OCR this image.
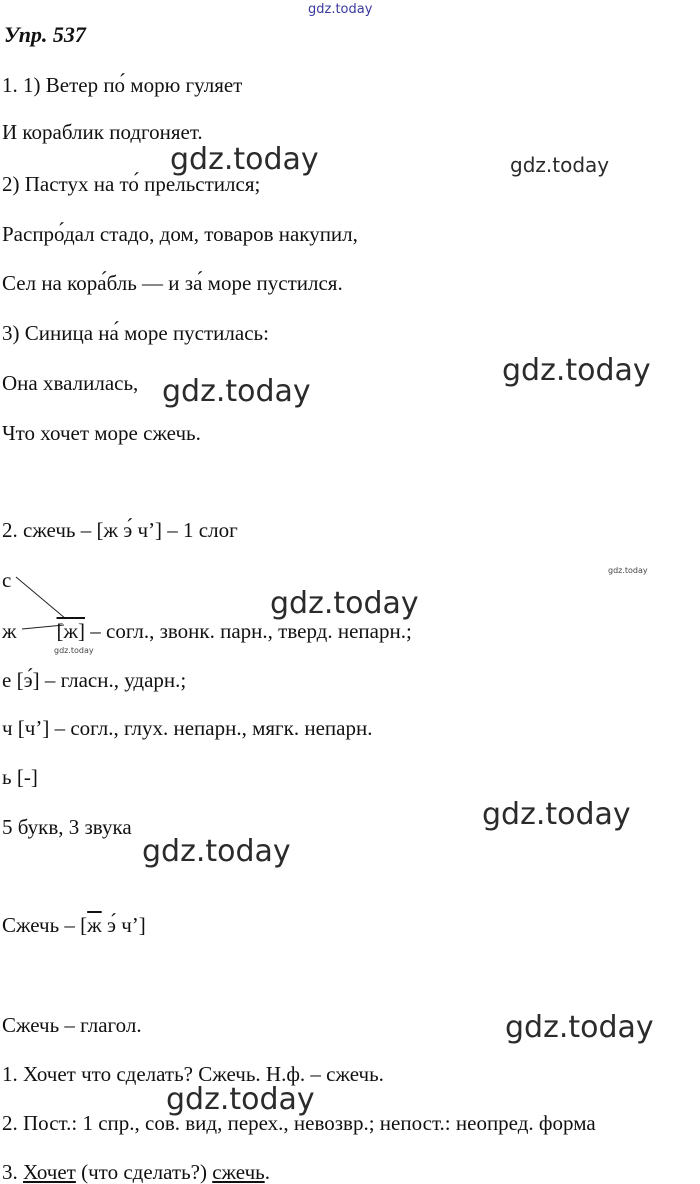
gdz.today
Упр. 537
1. 1) Ветер по́ морю гуляет
И кораблик подгоняет.
2) Пастух на то́ прельстился;
Распро́дал стадо, дом, товаров накупил,
Сел на кора́бль — и за́ море пустился.
3) Синица на́ море пустилась:
Она хвалилась,
Что хочет море сжечь.
2. сжечь – [ж э́ ч’] – 1 слог
с
ж [ж] – согл., звонк. парн., тверд. непарн.;
е [э́] – гласн., ударн.;
ч [ч’] – согл., глух. непарн., мягк. непарн.
ь [-]
5 букв, 3 звука
Сжечь – [ж э́ ч’]
Сжечь – глагол.
1. Хочет что сделать? Сжечь. Н.ф. – сжечь.
2. Пост.: 1 спр., сов. вид, перех., невозвр.; непост.: неопред. форма
3. Хочет (что сделать?) сжечь.
gdz.today	gdz.today
gdz.today
gdz.today
gdz.today
gdz.today
gdz.today
gdz.today
gdz.today
gdz.today
gdz.today
